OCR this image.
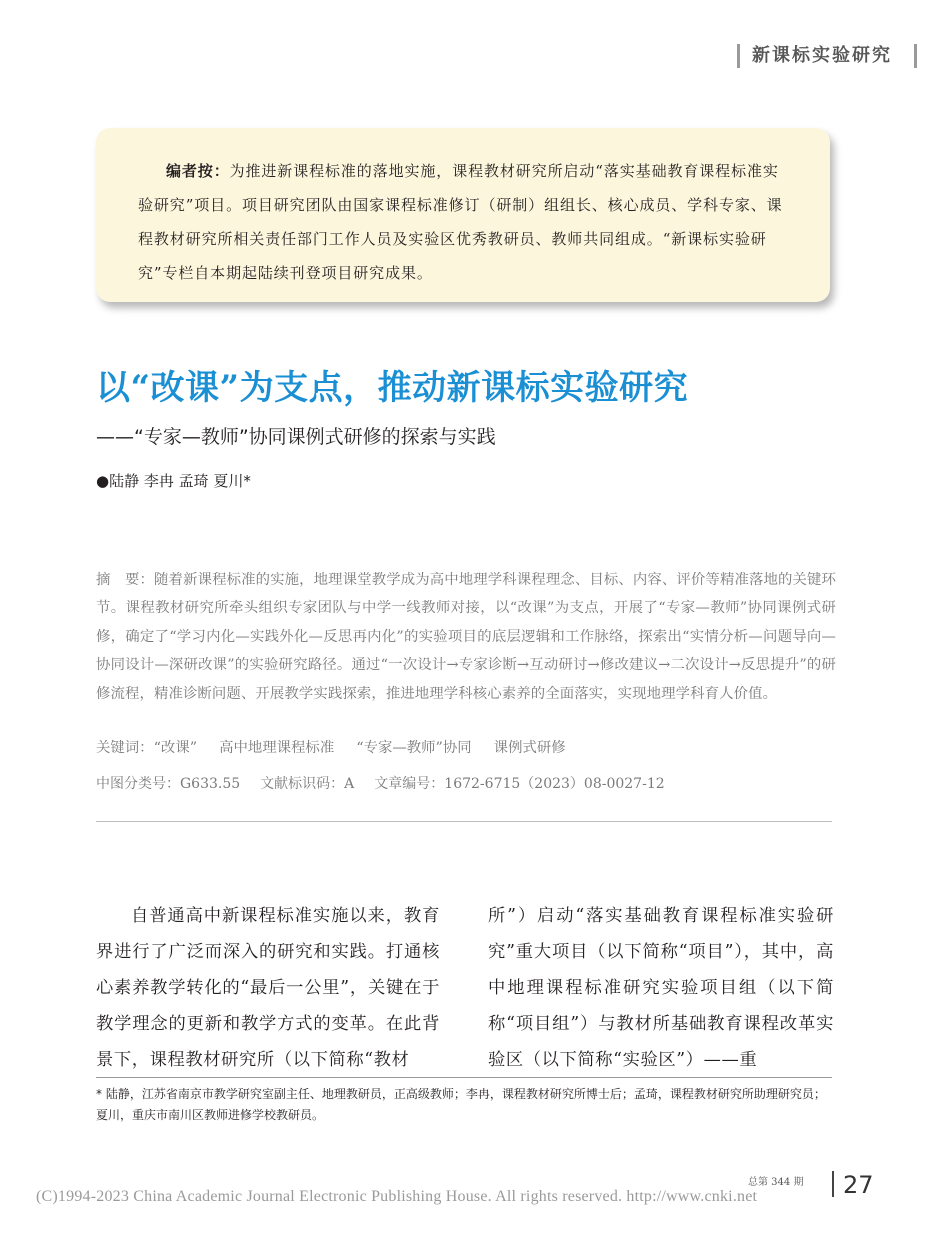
新课标实验研究

编者按：为推进新课程标准的落地实施，课程教材研究所启动“落实基础教育课程标准实验研究”项目。项目研究团队由国家课程标准修订（研制）组组长、核心成员、学科专家、课程教材研究所相关责任部门工作人员及实验区优秀教研员、教师共同组成。“新课标实验研究”专栏自本期起陆续刊登项目研究成果。

以“改课”为支点，推动新课标实验研究
——“专家—教师”协同课例式研修的探索与实践
●陆静 李冉 孟琦 夏川*

摘　要：随着新课程标准的实施，地理课堂教学成为高中地理学科课程理念、目标、内容、评价等精准落地的关键环节。课程教材研究所牵头组织专家团队与中学一线教师对接，以“改课”为支点，开展了“专家—教师”协同课例式研修，确定了“学习内化—实践外化—反思再内化”的实验项目的底层逻辑和工作脉络，探索出“实情分析—问题导向—协同设计—深研改课”的实验研究路径。通过“一次设计→专家诊断→互动研讨→修改建议→二次设计→反思提升”的研修流程，精准诊断问题、开展教学实践探索，推进地理学科核心素养的全面落实，实现地理学科育人价值。

关键词：“改课” 高中地理课程标准 “专家—教师”协同 课例式研修
中图分类号：G633.55 文献标识码：A 文章编号：1672-6715（2023）08-0027-12

自普通高中新课程标准实施以来，教育界进行了广泛而深入的研究和实践。打通核心素养教学转化的“最后一公里”，关键在于教学理念的更新和教学方式的变革。在此背景下，课程教材研究所（以下简称“教材

所”）启动“落实基础教育课程标准实验研究”重大项目（以下简称“项目”），其中，高中地理课程标准研究实验项目组（以下简称“项目组”）与教材所基础教育课程改革实验区（以下简称“实验区”）——重

* 陆静，江苏省南京市教学研究室副主任、地理教研员，正高级教师；李冉，课程教材研究所博士后；孟琦，课程教材研究所助理研究员；夏川，重庆市南川区教师进修学校教研员。

(C)1994-2023 China Academic Journal Electronic Publishing House. All rights reserved. http://www.cnki.net
总第 344 期 27
